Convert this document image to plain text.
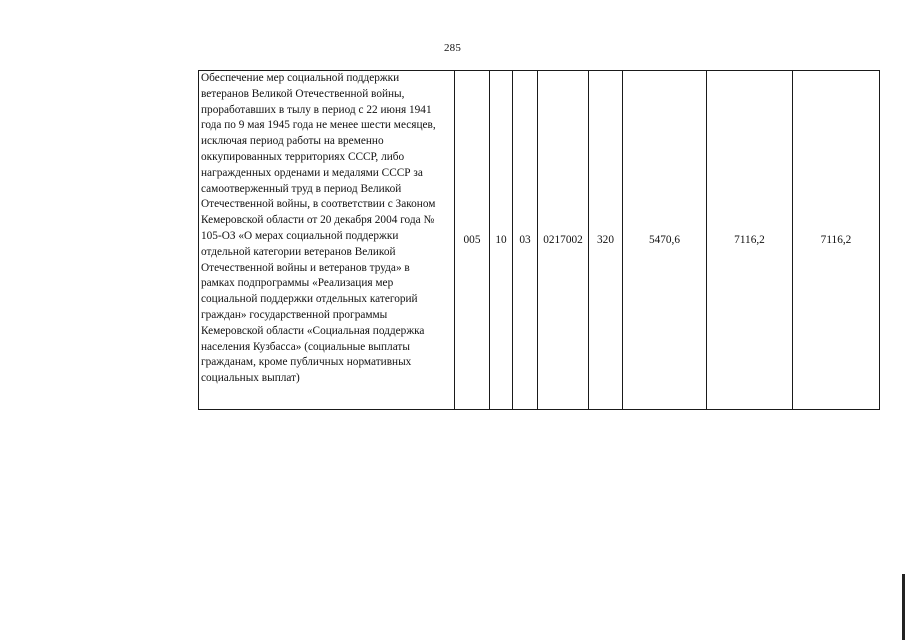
285
Обеспечение мер социальной поддержки
ветеранов Великой Отечественной войны,
проработавших в тылу в период с 22 июня 1941
года по 9 мая 1945 года не менее шести месяцев,
исключая период работы на временно
оккупированных территориях СССР, либо
награжденных орденами и медалями СССР за
самоотверженный труд в период Великой
Отечественной войны, в соответствии с Законом
Кемеровской области от 20 декабря 2004 года №
105-ОЗ «О мерах социальной поддержки
отдельной категории ветеранов Великой
Отечественной войны и ветеранов труда» в
рамках подпрограммы «Реализация мер
социальной поддержки отдельных категорий
граждан» государственной программы
Кемеровской области «Социальная поддержка
населения Кузбасса» (социальные выплаты
гражданам, кроме публичных нормативных
социальных выплат)
	005	10	03	0217002	320	5470,6	7116,2	7116,2
